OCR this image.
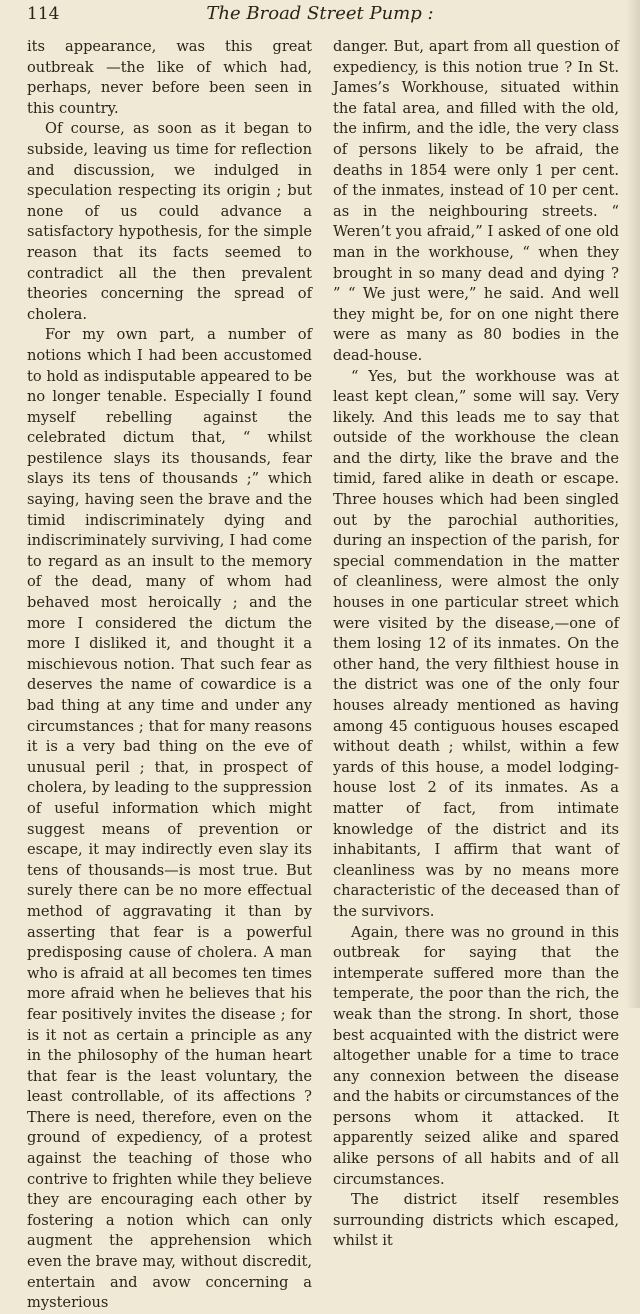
114	The Broad Street Pump :

its appearance, was this great outbreak —the like of which had, perhaps, never before been seen in this country.

Of course, as soon as it began to subside, leaving us time for reflection and discussion, we indulged in speculation respecting its origin ; but none of us could advance a satisfactory hypothesis, for the simple reason that its facts seemed to contradict all the then prevalent theories concerning the spread of cholera.

For my own part, a number of notions which I had been accustomed to hold as indisputable appeared to be no longer tenable. Especially I found myself rebelling against the celebrated dictum that, “ whilst pestilence slays its thousands, fear slays its tens of thousands ;” which saying, having seen the brave and the timid indiscriminately dying and indiscriminately surviving, I had come to regard as an insult to the memory of the dead, many of whom had behaved most heroically ; and the more I considered the dictum the more I disliked it, and thought it a mischievous notion. That such fear as deserves the name of cowardice is a bad thing at any time and under any circumstances ; that for many reasons it is a very bad thing on the eve of unusual peril ; that, in prospect of cholera, by leading to the suppression of useful information which might suggest means of prevention or escape, it may indirectly even slay its tens of thousands—is most true. But surely there can be no more effectual method of aggravating it than by asserting that fear is a powerful predisposing cause of cholera. A man who is afraid at all becomes ten times more afraid when he believes that his fear positively invites the disease ; for is it not as certain a principle as any in the philosophy of the human heart that fear is the least voluntary, the least controllable, of its affections ? There is need, therefore, even on the ground of expediency, of a protest against the teaching of those who contrive to frighten while they believe they are encouraging each other by fostering a notion which can only augment the apprehension which even the brave may, without discredit, entertain and avow concerning a mysterious

danger. But, apart from all question of expediency, is this notion true ? In St. James’s Workhouse, situated within the fatal area, and filled with the old, the infirm, and the idle, the very class of persons likely to be afraid, the deaths in 1854 were only 1 per cent. of the inmates, instead of 10 per cent. as in the neighbouring streets. “ Weren’t you afraid,” I asked of one old man in the workhouse, “ when they brought in so many dead and dying ? ” “ We just were,” he said. And well they might be, for on one night there were as many as 80 bodies in the dead-house.

“ Yes, but the workhouse was at least kept clean,” some will say. Very likely. And this leads me to say that outside of the workhouse the clean and the dirty, like the brave and the timid, fared alike in death or escape. Three houses which had been singled out by the parochial authorities, during an inspection of the parish, for special commendation in the matter of cleanliness, were almost the only houses in one particular street which were visited by the disease,—one of them losing 12 of its inmates. On the other hand, the very filthiest house in the district was one of the only four houses already mentioned as having among 45 contiguous houses escaped without death ; whilst, within a few yards of this house, a model lodging-house lost 2 of its inmates. As a matter of fact, from intimate knowledge of the district and its inhabitants, I affirm that want of cleanliness was by no means more characteristic of the deceased than of the survivors.

Again, there was no ground in this outbreak for saying that the intemperate suffered more than the temperate, the poor than the rich, the weak than the strong. In short, those best acquainted with the district were altogether unable for a time to trace any connexion between the disease and the habits or circumstances of the persons whom it attacked. It apparently seized alike and spared alike persons of all habits and of all circumstances.

The district itself resembles surrounding districts which escaped, whilst it
